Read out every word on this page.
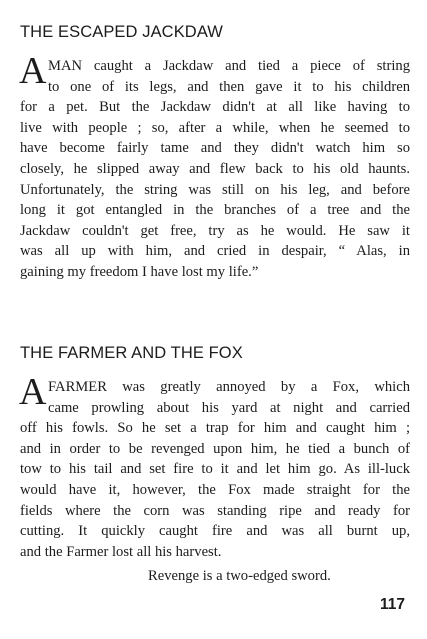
THE ESCAPED JACKDAW
A MAN caught a Jackdaw and tied a piece of string
to one of its legs, and then gave it to his children
for a pet. But the Jackdaw didn't at all like having to
live with people ; so, after a while, when he seemed to
have become fairly tame and they didn't watch him so
closely, he slipped away and flew back to his old haunts.
Unfortunately, the string was still on his leg, and before
long it got entangled in the branches of a tree and the
Jackdaw couldn't get free, try as he would. He saw it
was all up with him, and cried in despair, “ Alas, in
gaining my freedom I have lost my life.”
THE FARMER AND THE FOX
A FARMER was greatly annoyed by a Fox, which
came prowling about his yard at night and carried
off his fowls. So he set a trap for him and caught him ;
and in order to be revenged upon him, he tied a bunch of
tow to his tail and set fire to it and let him go. As ill-luck
would have it, however, the Fox made straight for the
fields where the corn was standing ripe and ready for
cutting. It quickly caught fire and was all burnt up,
and the Farmer lost all his harvest.
Revenge is a two-edged sword.
117
